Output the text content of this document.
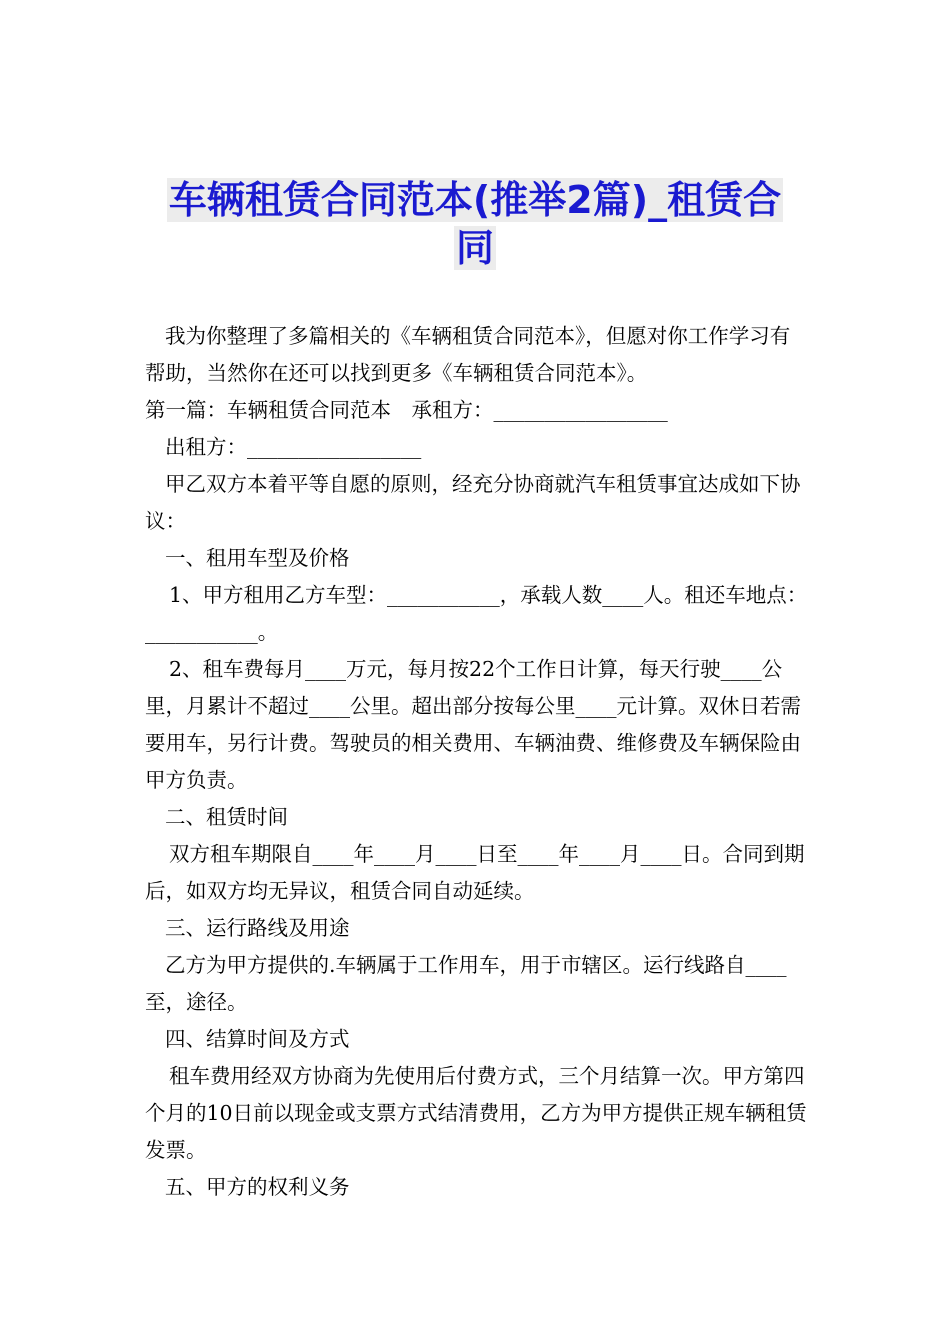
车辆租赁合同范本(推举2篇)_租赁合同

我为你整理了多篇相关的《车辆租赁合同范本》，但愿对你工作学习有帮助，当然你在还可以找到更多《车辆租赁合同范本》。

第一篇：车辆租赁合同范本　承租方：_________________

出租方：_________________

甲乙双方本着平等自愿的原则，经充分协商就汽车租赁事宜达成如下协议：

一、租用车型及价格

1、甲方租用乙方车型：___________，承载人数____人。租还车地点：___________。

2、租车费每月____万元，每月按22个工作日计算，每天行驶____公里，月累计不超过____公里。超出部分按每公里____元计算。双休日若需要用车，另行计费。驾驶员的相关费用、车辆油费、维修费及车辆保险由甲方负责。

二、租赁时间

双方租车期限自____年____月____日至____年____月____日。合同到期后，如双方均无异议，租赁合同自动延续。

三、运行路线及用途

乙方为甲方提供的.车辆属于工作用车，用于市辖区。运行线路自____至，途径。

四、结算时间及方式

租车费用经双方协商为先使用后付费方式，三个月结算一次。甲方第四个月的10日前以现金或支票方式结清费用，乙方为甲方提供正规车辆租赁发票。

五、甲方的权利义务
